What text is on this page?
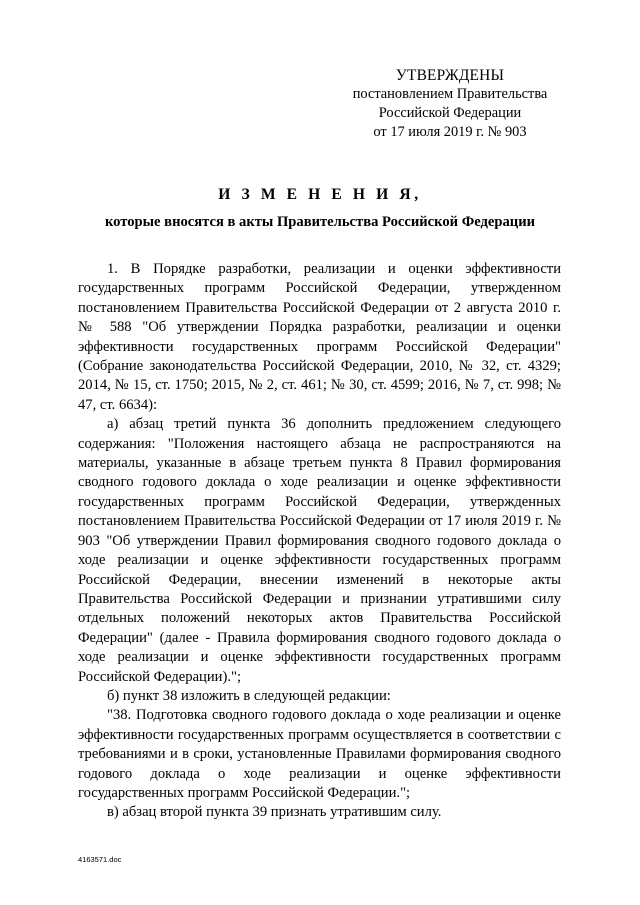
УТВЕРЖДЕНЫ
постановлением Правительства
Российской Федерации
от 17 июля 2019 г. № 903
И З М Е Н Е Н И Я,
которые вносятся в акты Правительства Российской Федерации

1. В Порядке разработки, реализации и оценки эффективности государственных программ Российской Федерации, утвержденном постановлением Правительства Российской Федерации от 2 августа 2010 г. № 588 "Об утверждении Порядка разработки, реализации и оценки эффективности государственных программ Российской Федерации" (Собрание законодательства Российской Федерации, 2010, № 32, ст. 4329; 2014, № 15, ст. 1750; 2015, № 2, ст. 461; № 30, ст. 4599; 2016, № 7, ст. 998; № 47, ст. 6634):

а) абзац третий пункта 36 дополнить предложением следующего содержания: "Положения настоящего абзаца не распространяются на материалы, указанные в абзаце третьем пункта 8 Правил формирования сводного годового доклада о ходе реализации и оценке эффективности государственных программ Российской Федерации, утвержденных постановлением Правительства Российской Федерации от 17 июля 2019 г. № 903 "Об утверждении Правил формирования сводного годового доклада о ходе реализации и оценке эффективности государственных программ Российской Федерации, внесении изменений в некоторые акты Правительства Российской Федерации и признании утратившими силу отдельных положений некоторых актов Правительства Российской Федерации" (далее - Правила формирования сводного годового доклада о ходе реализации и оценке эффективности государственных программ Российской Федерации).";

б) пункт 38 изложить в следующей редакции:

"38. Подготовка сводного годового доклада о ходе реализации и оценке эффективности государственных программ осуществляется в соответствии с требованиями и в сроки, установленные Правилами формирования сводного годового доклада о ходе реализации и оценке эффективности государственных программ Российской Федерации.";

в) абзац второй пункта 39 признать утратившим силу.

4163571.doc
